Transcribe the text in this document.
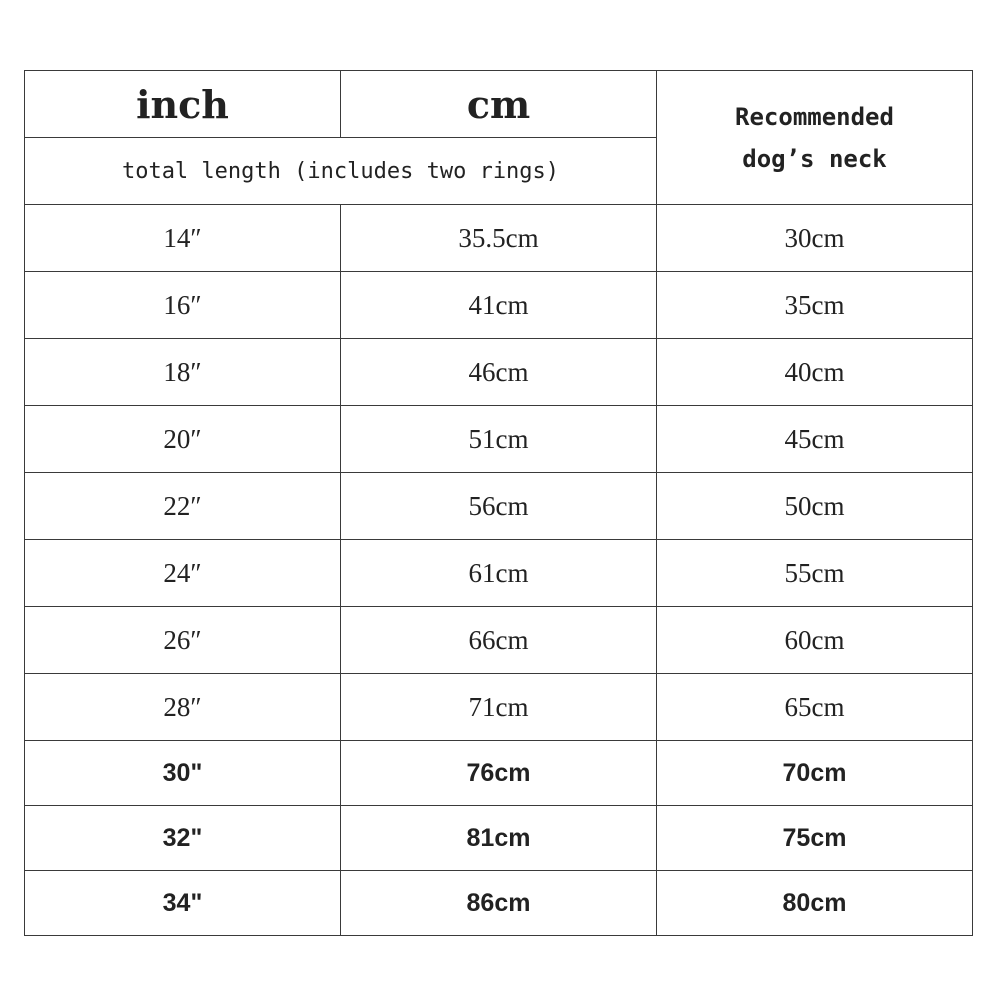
inch	cm	Recommended
dog’s neck

total length (includes two rings)		
14″	35.5cm	30cm
16″	41cm	35cm
18″	46cm	40cm
20″	51cm	45cm
22″	56cm	50cm
24″	61cm	55cm
26″	66cm	60cm
28″	71cm	65cm
30"	76cm	70cm
32"	81cm	75cm
34"	86cm	80cm
